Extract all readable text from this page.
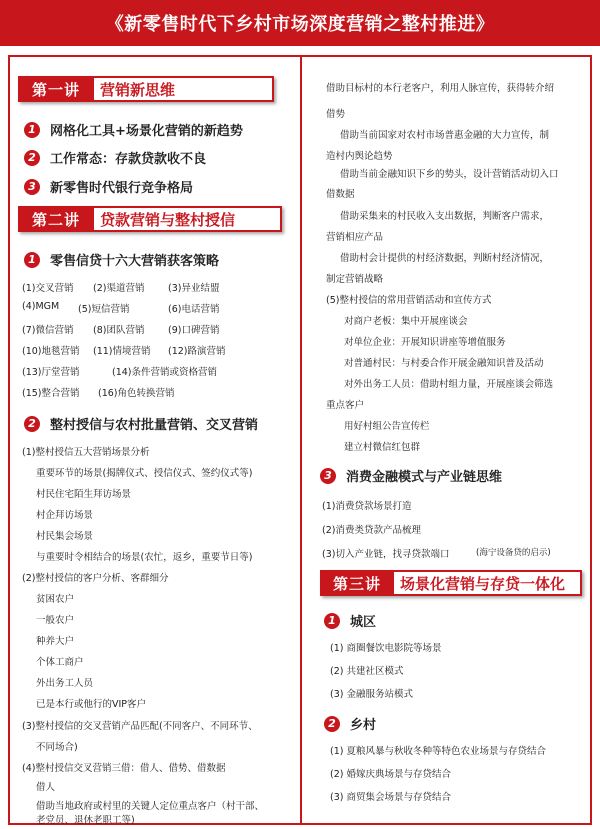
《新零售时代下乡村市场深度营销之整村推进》
第一讲	营销新思维
1	网格化工具+场景化营销的新趋势
2	工作常态：存款贷款收不良
3	新零售时代银行竞争格局
第二讲	贷款营销与整村授信
1	零售信贷十六大营销获客策略
(1)交叉营销 (2)渠道营销 (3)异业结盟
(4)MGM (5)短信营销	(6)电话营销
(7)微信营销 (8)团队营销 (9)口碑营销
(10)地毯营销 (11)情境营销 (12)路演营销
(13)厅堂营销	(14)条件营销或资格营销
(15)整合营销 (16)角色转换营销
2	整村授信与农村批量营销、交叉营销
(1)整村授信五大营销场景分析
重要环节的场景(揭牌仪式、授信仪式、签约仪式等)
村民住宅陌生拜访场景
村企拜访场景
村民集会场景
与重要时令相结合的场景(农忙，返乡，重要节日等)
(2)整村授信的客户分析、客群细分
贫困农户
一般农户
种养大户
个体工商户
外出务工人员
已是本行或他行的VIP客户
(3)整村授信的交叉营销产品匹配(不同客户、不同环节、
不同场合)
(4)整村授信交叉营销三借：借人、借势、借数据
借人
借助当地政府或村里的关键人定位重点客户（村干部、
老党员、退休老职工等)
借助目标村的本行老客户，利用人脉宣传，获得转介绍
借势
借助当前国家对农村市场普惠金融的大力宣传，制
造村内舆论趋势
借助当前金融知识下乡的势头，设计营销活动切入口
借数据
借助采集来的村民收入支出数据，判断客户需求，
营销相应产品
借助村会计提供的村经济数据，判断村经济情况，
制定营销战略
(5)整村授信的常用营销活动和宣传方式
对商户老板：集中开展座谈会
对单位企业：开展知识讲座等增值服务
对普通村民：与村委合作开展金融知识普及活动
对外出务工人员：借助村组力量，开展座谈会筛选
重点客户
用好村组公告宣传栏
建立村微信红包群
3	消费金融模式与产业链思维
(1)消费贷款场景打造
(2)消费类贷款产品梳理
(3)切入产业链，找寻贷款端口	(海宁设备贷的启示)
第三讲	场景化营销与存贷一体化
1	城区
(1) 商圈餐饮电影院等场景
(2) 共建社区模式
(3) 金融服务站模式
2	乡村
(1) 夏粮风暴与秋收冬种等特色农业场景与存贷结合
(2) 婚嫁庆典场景与存贷结合
(3) 商贸集会场景与存贷结合
